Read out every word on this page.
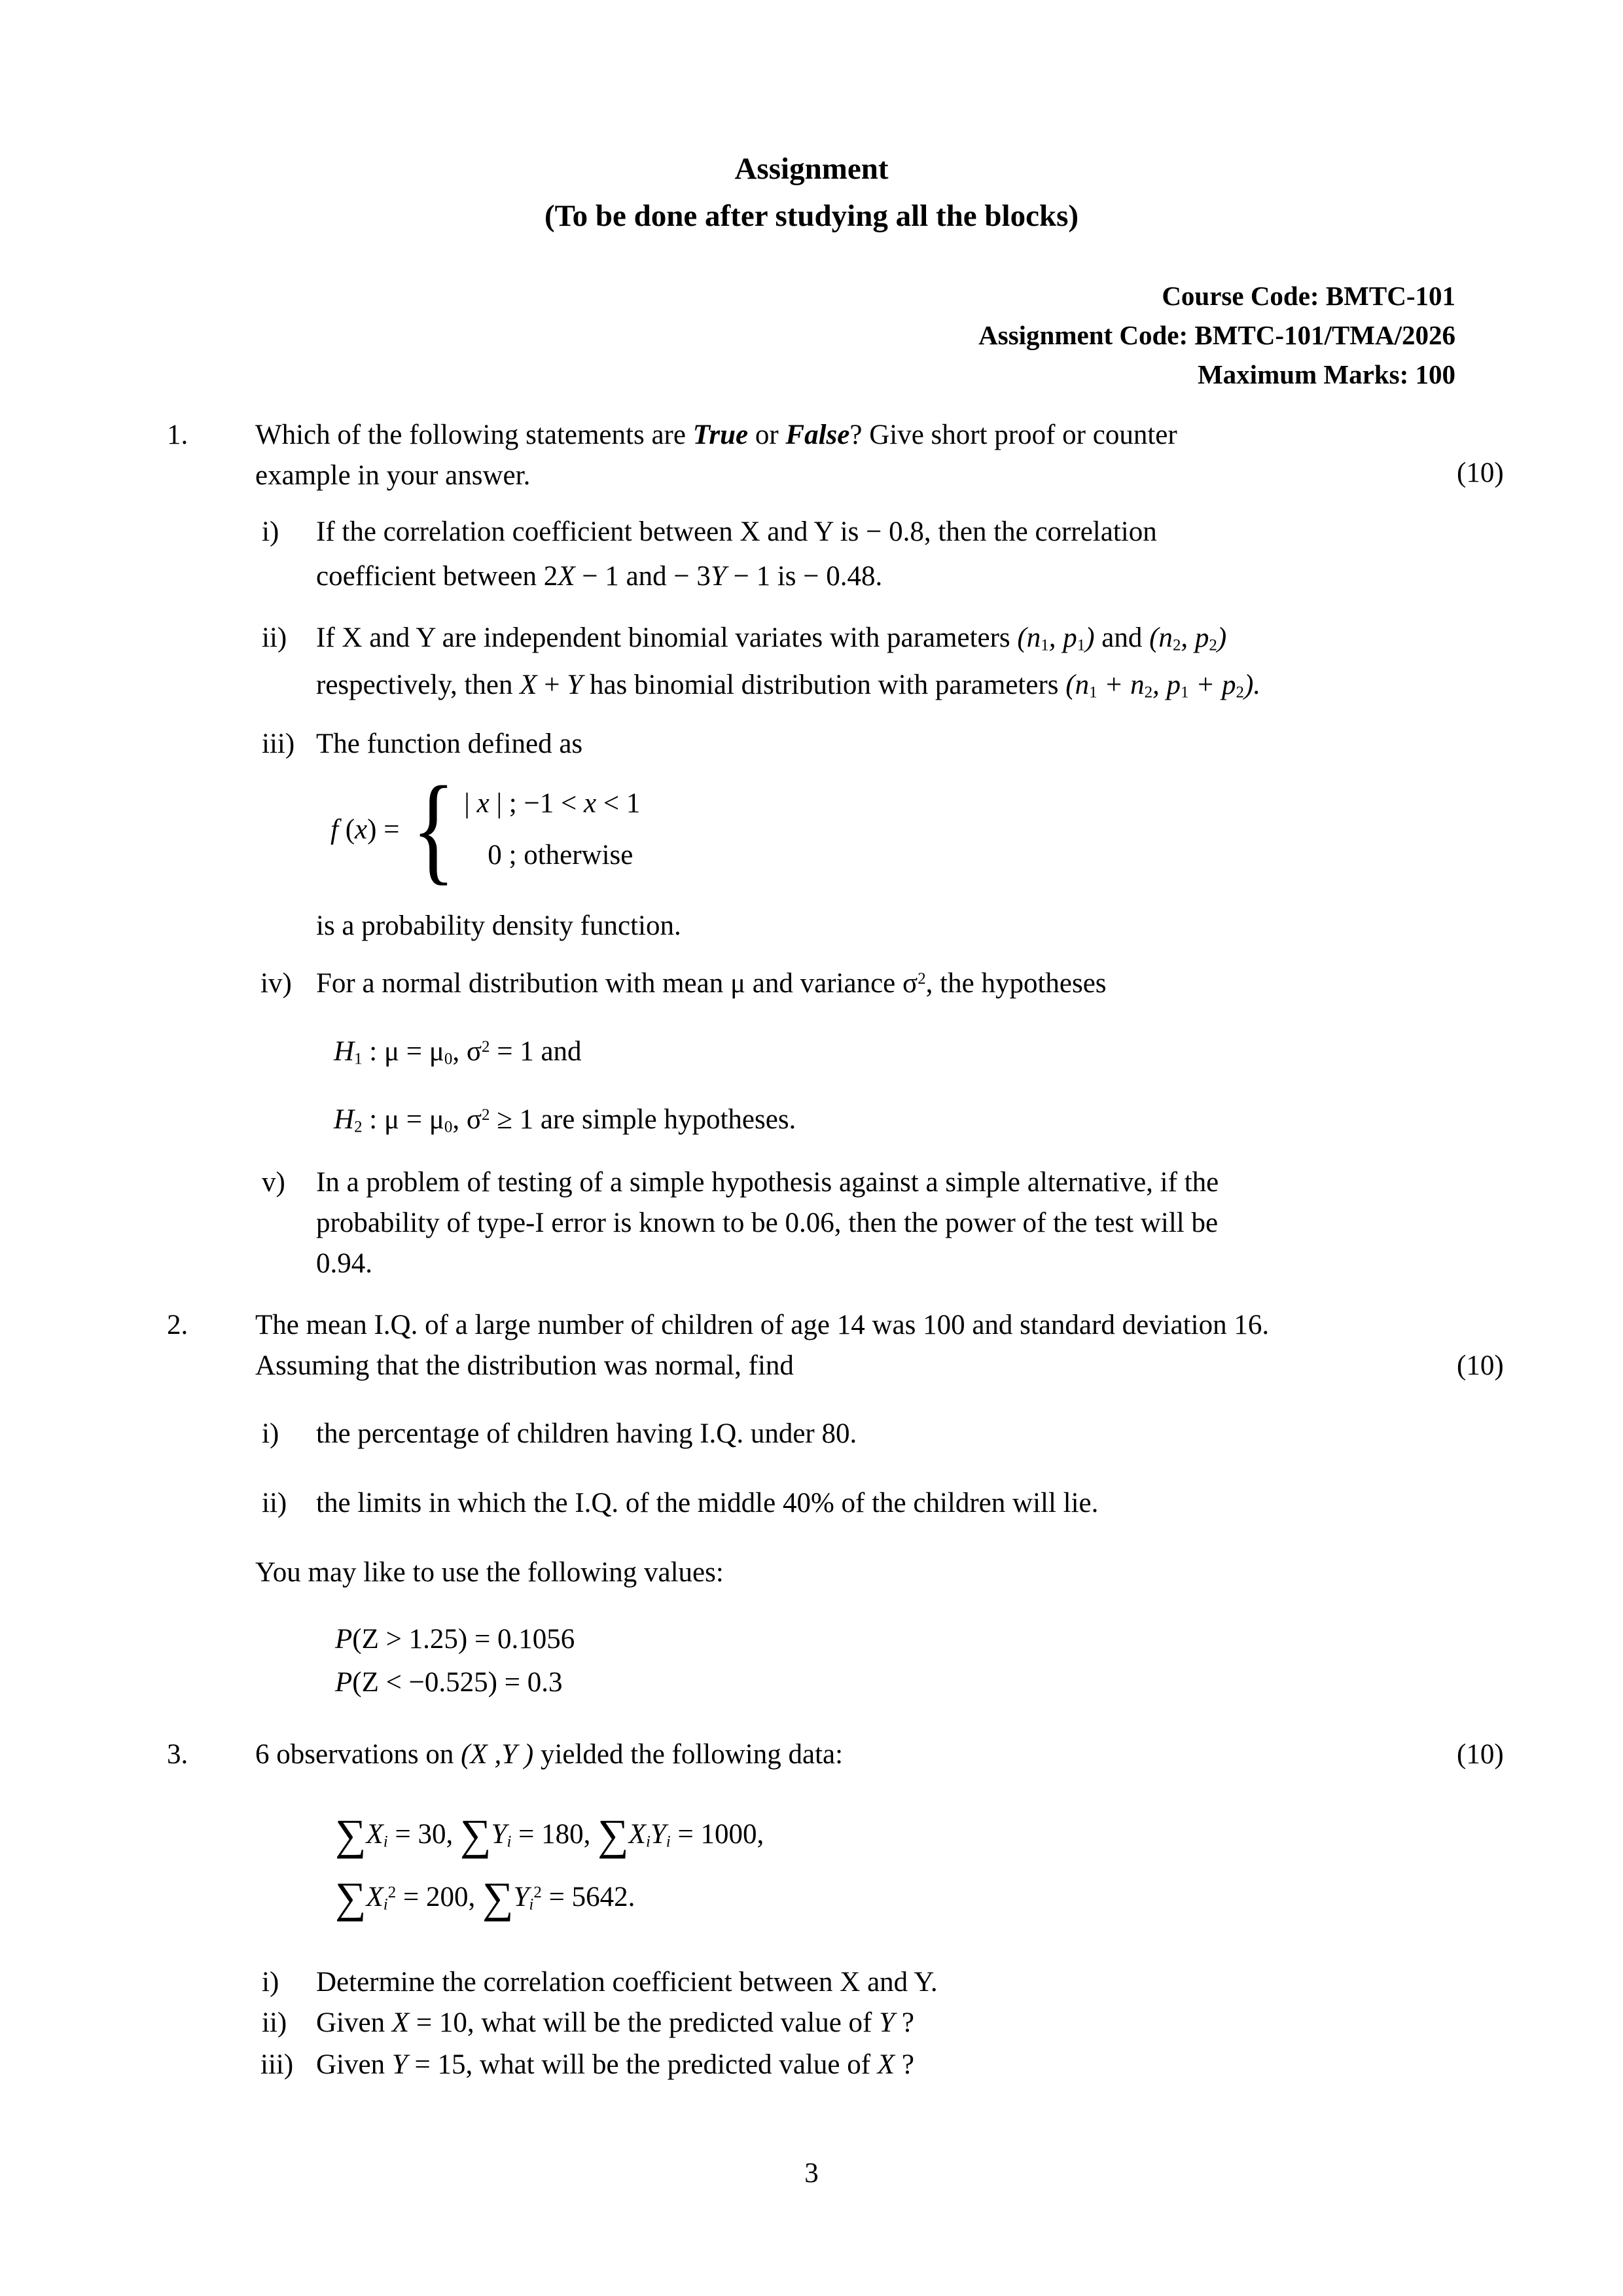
Assignment
(To be done after studying all the blocks)
Course Code: BMTC-101
Assignment Code: BMTC-101/TMA/2026
Maximum Marks: 100
1. Which of the following statements are True or False? Give short proof or counter
example in your answer.	(10)
i) If the correlation coefficient between X and Y is − 0.8, then the correlation
coefficient between 2X − 1 and − 3Y − 1 is − 0.48.
ii) If X and Y are independent binomial variates with parameters (n1, p1) and (n2, p2)
respectively, then X + Y has binomial distribution with parameters (n1 + n2, p1 + p2).
iii) The function defined as
f (x) = { | x | ; −1 < x < 1
0 ; otherwise
is a probability density function.
iv) For a normal distribution with mean μ and variance $\sigma^2$, the hypotheses
H1 : μ = μ0, $\sigma^2 = 1$ and
H2 : μ = μ0, $\sigma^2 \ge 1$ are simple hypotheses.
v) In a problem of testing of a simple hypothesis against a simple alternative, if the
probability of type-I error is known to be 0.06, then the power of the test will be
0.94.
2. The mean I.Q. of a large number of children of age 14 was 100 and standard deviation 16.
Assuming that the distribution was normal, find	(10)
i) the percentage of children having I.Q. under 80.
ii) the limits in which the I.Q. of the middle 40% of the children will lie.
You may like to use the following values:
P(Z > 1.25) = 0.1056
P(Z < −0.525) = 0.3
3. 6 observations on (X ,Y ) yielded the following data:	(10)
∑Xi = 30, ∑Yi = 180, ∑XiYi = 1000,
$\sum Xi^2 = 200$, $\sum Yi^2 = 5642$.
i) Determine the correlation coefficient between X and Y.
ii) Given X = 10, what will be the predicted value of Y ?
iii) Given Y = 15, what will be the predicted value of X ?
3
